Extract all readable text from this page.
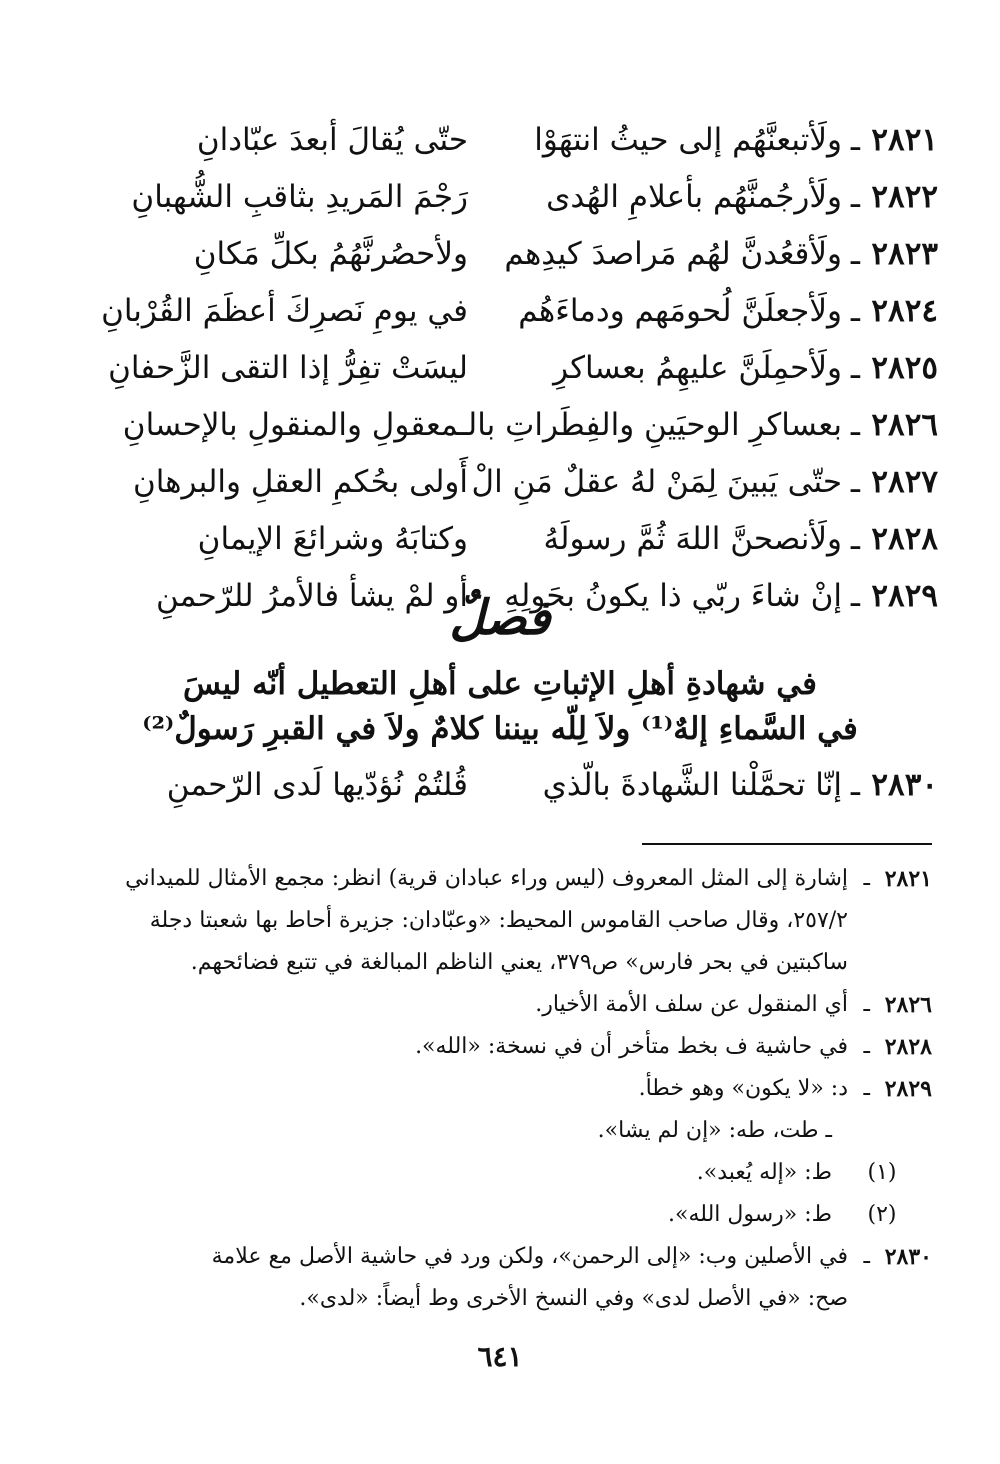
٢٨٢١
ـ
ولَأتبعنَّهُم إلى حيثُ انتهَوْا
حتّى يُقالَ أبعدَ عبّادانِ
٢٨٢٢
ـ
ولَأرجُمنَّهُم بأعلامِ الهُدى
رَجْمَ المَريدِ بثاقبِ الشُّهبانِ
٢٨٢٣
ـ
ولَأقعُدنَّ لهُم مَراصدَ كيدِهم
ولأحصُرنَّهُمُ بكلِّ مَكانِ
٢٨٢٤
ـ
ولَأجعلَنَّ لُحومَهم ودماءَهُم
في يومِ نَصرِكَ أعظَمَ القُرْبانِ
٢٨٢٥
ـ
ولَأحمِلَنَّ عليهِمُ بعساكرِ
ليسَتْ تفِرُّ إذا التقى الزَّحفانِ
٢٨٢٦
ـ
بعساكرِ الوحيَينِ والفِطَراتِ بالـ
ـمعقولِ والمنقولِ بالإحسانِ
٢٨٢٧
ـ
حتّى يَبينَ لِمَنْ لهُ عقلٌ مَنِ الْ
أَولى بحُكمِ العقلِ والبرهانِ
٢٨٢٨
ـ
ولَأنصحنَّ اللهَ ثُمَّ رسولَهُ
وكتابَهُ وشرائعَ الإيمانِ
٢٨٢٩
ـ
إنْ شاءَ ربّي ذا يكونُ بحَولِهِ
أو لمْ يشأ فالأمرُ للرّحمنِ
فصلٌ
في شهادةِ أهلِ الإثباتِ على أهلِ التعطيل أنّه ليسَ
في السَّماءِ إلهٌ⁽¹⁾ ولاَ لِلّه بيننا كلامٌ ولاَ في القبرِ رَسولٌ⁽²⁾
٢٨٣٠
ـ
إنّا تحمَّلْنا الشَّهادةَ بالّذي
قُلتُمْ نُؤدّيها لَدى الرّحمنِ
٢٨٢١
ـ
إشارة إلى المثل المعروف (ليس وراء عبادان قرية) انظر: مجمع الأمثال للميداني
٢٥٧/٢، وقال صاحب القاموس المحيط: «وعبّادان: جزيرة أحاط بها شعبتا دجلة
ساكبتين في بحر فارس» ص٣٧٩، يعني الناظم المبالغة في تتبع فضائحهم.
٢٨٢٦
ـ
أي المنقول عن سلف الأمة الأخيار.
٢٨٢٨
ـ
في حاشية ف بخط متأخر أن في نسخة: «الله».
٢٨٢٩
ـ
د: «لا يكون» وهو خطأ.
ـ طت، طه: «إن لم يشا».
(١)
ط: «إله يُعبد».
(٢)
ط: «رسول الله».
٢٨٣٠
ـ
في الأصلين وب: «إلى الرحمن»، ولكن ورد في حاشية الأصل مع علامة
صح: «في الأصل لدى» وفي النسخ الأخرى وط أيضاً: «لدى».
٦٤١
